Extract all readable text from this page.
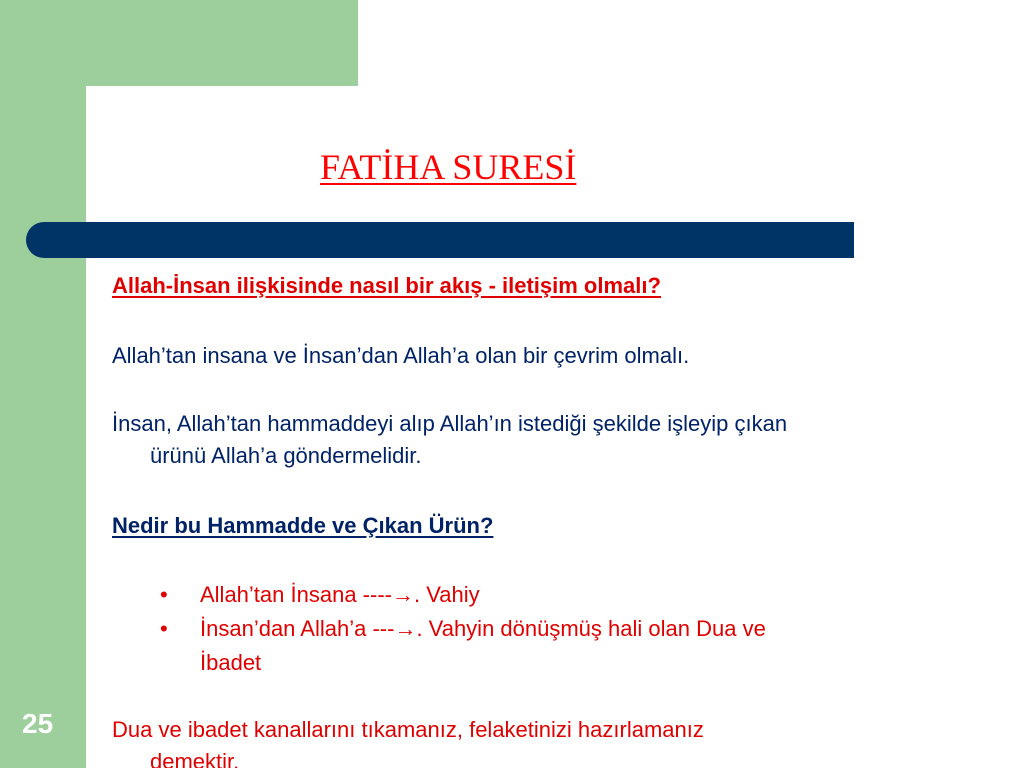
FATİHA SURESİ

Allah-İnsan ilişkisinde nasıl bir akış - iletişim olmalı?

Allah’tan insana ve İnsan’dan Allah’a olan bir çevrim olmalı.

İnsan, Allah’tan hammaddeyi alıp Allah’ın istediği şekilde işleyip çıkan
ürünü Allah’a göndermelidir.

Nedir bu Hammadde ve Çıkan Ürün?

• Allah’tan İnsana ----→. Vahiy
• İnsan’dan Allah’a ---→. Vahyin dönüşmüş hali olan Dua ve
İbadet

Dua ve ibadet kanallarını tıkamanız, felaketinizi hazırlamanız
demektir.

25
